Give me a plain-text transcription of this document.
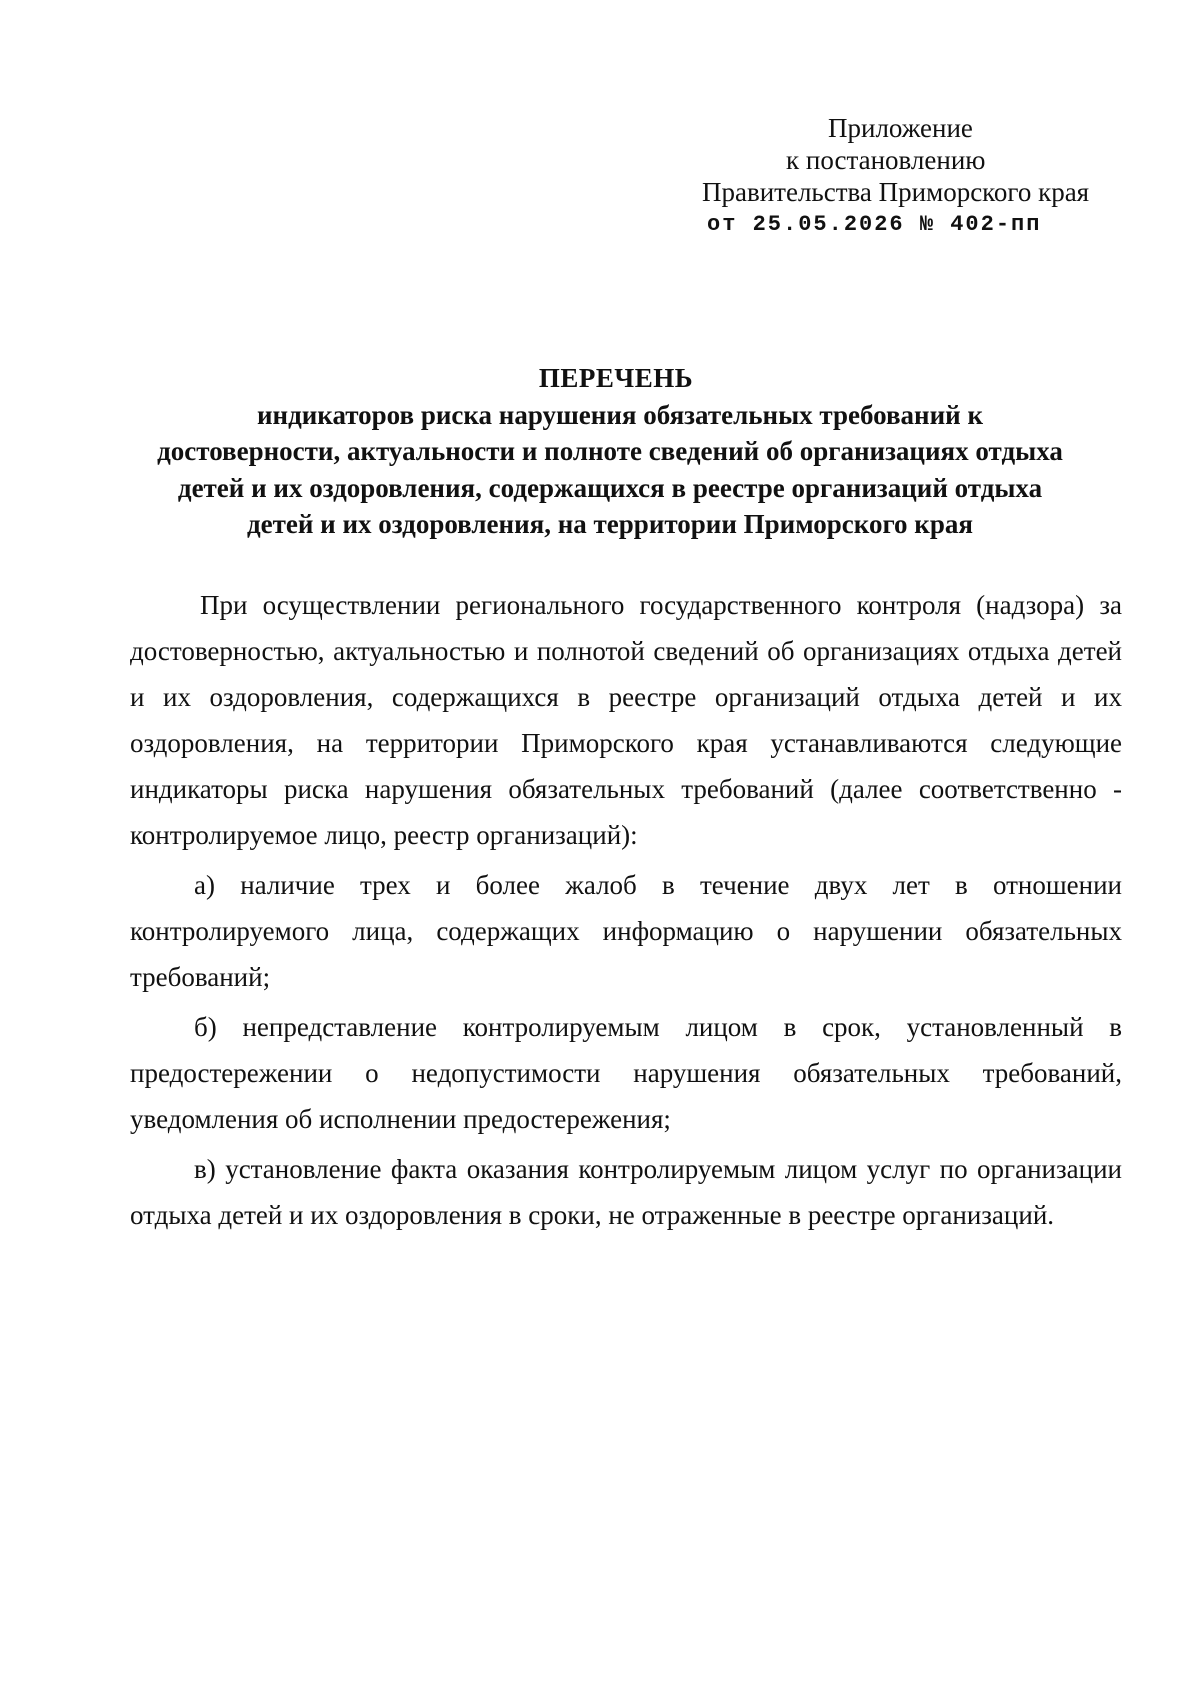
Приложение
к постановлению
Правительства Приморского края
от 25.05.2026 № 402-пп
ПЕРЕЧЕНЬ
индикаторов риска нарушения обязательных требований к
достоверности, актуальности и полноте сведений об организациях отдыха
детей и их оздоровления, содержащихся в реестре организаций отдыха
детей и их оздоровления, на территории Приморского края

При осуществлении регионального государственного контроля (надзора) за достоверностью, актуальностью и полнотой сведений об организациях отдыха детей и их оздоровления, содержащихся в реестре организаций отдыха детей и их оздоровления, на территории Приморского края устанавливаются следующие индикаторы риска нарушения обязательных требований (далее соответственно - контролируемое лицо, реестр организаций):

а) наличие трех и более жалоб в течение двух лет в отношении контролируемого лица, содержащих информацию о нарушении обязательных требований;

б) непредставление контролируемым лицом в срок, установленный в предостережении о недопустимости нарушения обязательных требований, уведомления об исполнении предостережения;

в) установление факта оказания контролируемым лицом услуг по организации отдыха детей и их оздоровления в сроки, не отраженные в реестре организаций.
